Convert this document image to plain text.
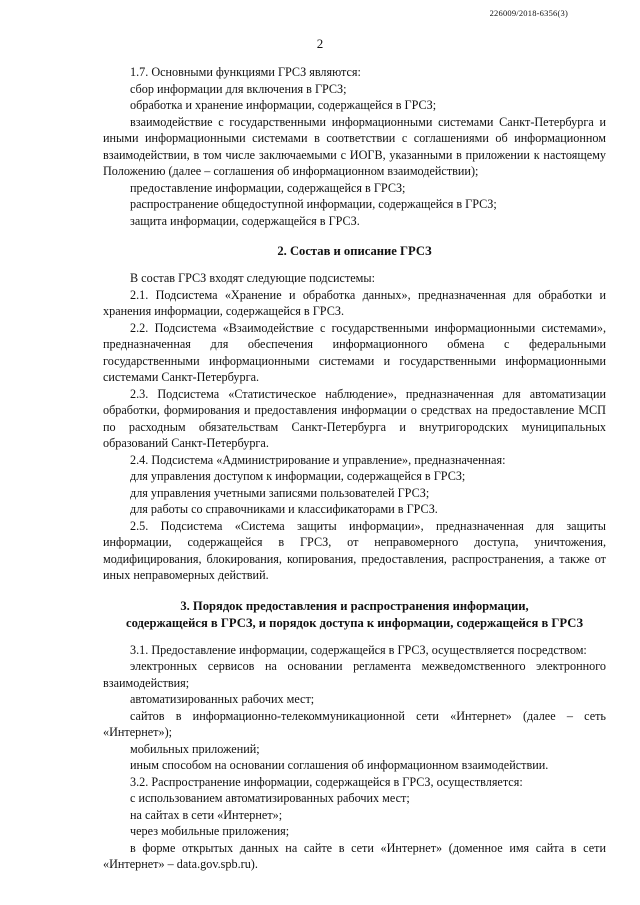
226009/2018-6356(3)
2

1.7. Основными функциями ГРСЗ являются:

сбор информации для включения в ГРСЗ;

обработка и хранение информации, содержащейся в ГРСЗ;

взаимодействие с государственными информационными системами Санкт-Петербурга и иными информационными системами в соответствии с соглашениями об информационном взаимодействии, в том числе заключаемыми с ИОГВ, указанными в приложении к настоящему Положению (далее – соглашения об информационном взаимодействии);

предоставление информации, содержащейся в ГРСЗ;

распространение общедоступной информации, содержащейся в ГРСЗ;

защита информации, содержащейся в ГРСЗ.

2. Состав и описание ГРСЗ

В состав ГРСЗ входят следующие подсистемы:

2.1. Подсистема «Хранение и обработка данных», предназначенная для обработки и хранения информации, содержащейся в ГРСЗ.

2.2. Подсистема «Взаимодействие с государственными информационными системами», предназначенная для обеспечения информационного обмена с федеральными государственными информационными системами и государственными информационными системами Санкт-Петербурга.

2.3. Подсистема «Статистическое наблюдение», предназначенная для автоматизации обработки, формирования и предоставления информации о средствах на предоставление МСП по расходным обязательствам Санкт-Петербурга и внутригородских муниципальных образований Санкт-Петербурга.

2.4. Подсистема «Администрирование и управление», предназначенная:

для управления доступом к информации, содержащейся в ГРСЗ;

для управления учетными записями пользователей ГРСЗ;

для работы со справочниками и классификаторами в ГРСЗ.

2.5. Подсистема «Система защиты информации», предназначенная для защиты информации, содержащейся в ГРСЗ, от неправомерного доступа, уничтожения, модифицирования, блокирования, копирования, предоставления, распространения, а также от иных неправомерных действий.

3. Порядок предоставления и распространения информации,
содержащейся в ГРСЗ, и порядок доступа к информации, содержащейся в ГРСЗ

3.1. Предоставление информации, содержащейся в ГРСЗ, осуществляется посредством:

электронных сервисов на основании регламента межведомственного электронного взаимодействия;

автоматизированных рабочих мест;

сайтов в информационно-телекоммуникационной сети «Интернет» (далее – сеть «Интернет»);

мобильных приложений;

иным способом на основании соглашения об информационном взаимодействии.

3.2. Распространение информации, содержащейся в ГРСЗ, осуществляется:

с использованием автоматизированных рабочих мест;

на сайтах в сети «Интернет»;

через мобильные приложения;

в форме открытых данных на сайте в сети «Интернет» (доменное имя сайта в сети «Интернет» – data.gov.spb.ru).
